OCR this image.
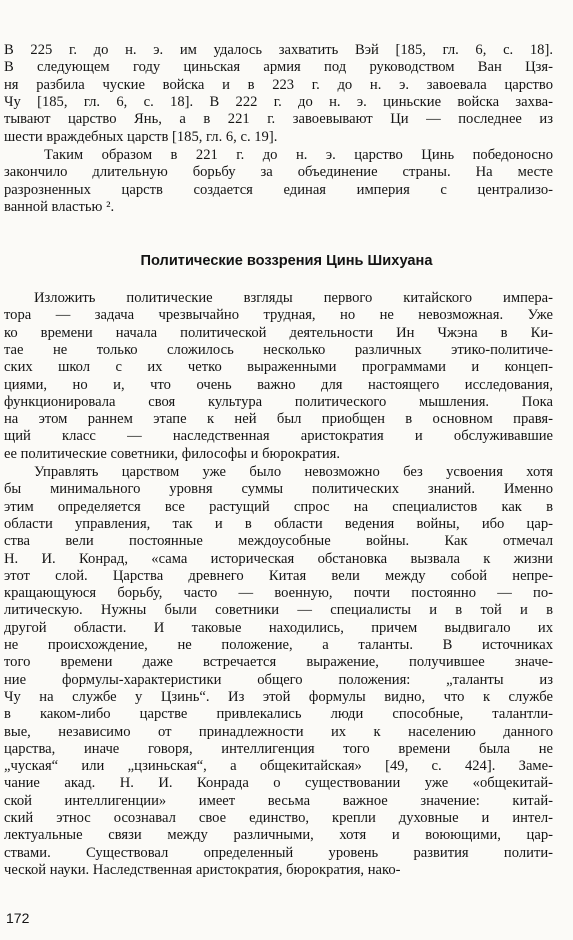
В 225 г. до н. э. им удалось захватить Вэй [185, гл. 6, с. 18].
В следующем году циньская армия под руководством Ван Цзя-
ня разбила чуские войска и в 223 г. до н. э. завоевала царство
Чу [185, гл. 6, с. 18]. В 222 г. до н. э. циньские войска захва-
тывают царство Янь, а в 221 г. завоевывают Ци — последнее из
шести враждебных царств [185, гл. 6, с. 19].
Таким образом в 221 г. до н. э. царство Цинь победоносно
закончило длительную борьбу за объединение страны. На месте
разрозненных царств создается единая империя с централизо-
ванной властью ².
Политические воззрения Цинь Шихуана
Изложить политические взгляды первого китайского импера-
тора — задача чрезвычайно трудная, но не невозможная. Уже
ко времени начала политической деятельности Ин Чжэна в Ки-
тае не только сложилось несколько различных этико-политиче-
ских школ с их четко выраженными программами и концеп-
циями, но и, что очень важно для настоящего исследования,
функционировала своя культура политического мышления. Пока
на этом раннем этапе к ней был приобщен в основном правя-
щий класс — наследственная аристократия и обслуживавшие
ее политические советники, философы и бюрократия.
Управлять царством уже было невозможно без усвоения хотя
бы минимального уровня суммы политических знаний. Именно
этим определяется все растущий спрос на специалистов как в
области управления, так и в области ведения войны, ибо цар-
ства вели постоянные междоусобные войны. Как отмечал
Н. И. Конрад, «сама историческая обстановка вызвала к жизни
этот слой. Царства древнего Китая вели между собой непре-
кращающуюся борьбу, часто — военную, почти постоянно — по-
литическую. Нужны были советники — специалисты и в той и в
другой области. И таковые находились, причем выдвигало их
не происхождение, не положение, а таланты. В источниках
того времени даже встречается выражение, получившее значе-
ние формулы-характеристики общего положения: „таланты из
Чу на службе у Цзинь“. Из этой формулы видно, что к службе
в каком-либо царстве привлекались люди способные, талантли-
вые, независимо от принадлежности их к населению данного
царства, иначе говоря, интеллигенция того времени была не
„чуская“ или „цзиньская“, а общекитайская» [49, с. 424]. Заме-
чание акад. Н. И. Конрада о существовании уже «общекитай-
ской интеллигенции» имеет весьма важное значение: китай-
ский этнос осознавал свое единство, крепли духовные и интел-
лектуальные связи между различными, хотя и воюющими, цар-
ствами. Существовал определенный уровень развития полити-
ческой науки. Наследственная аристократия, бюрократия, нако-
172
